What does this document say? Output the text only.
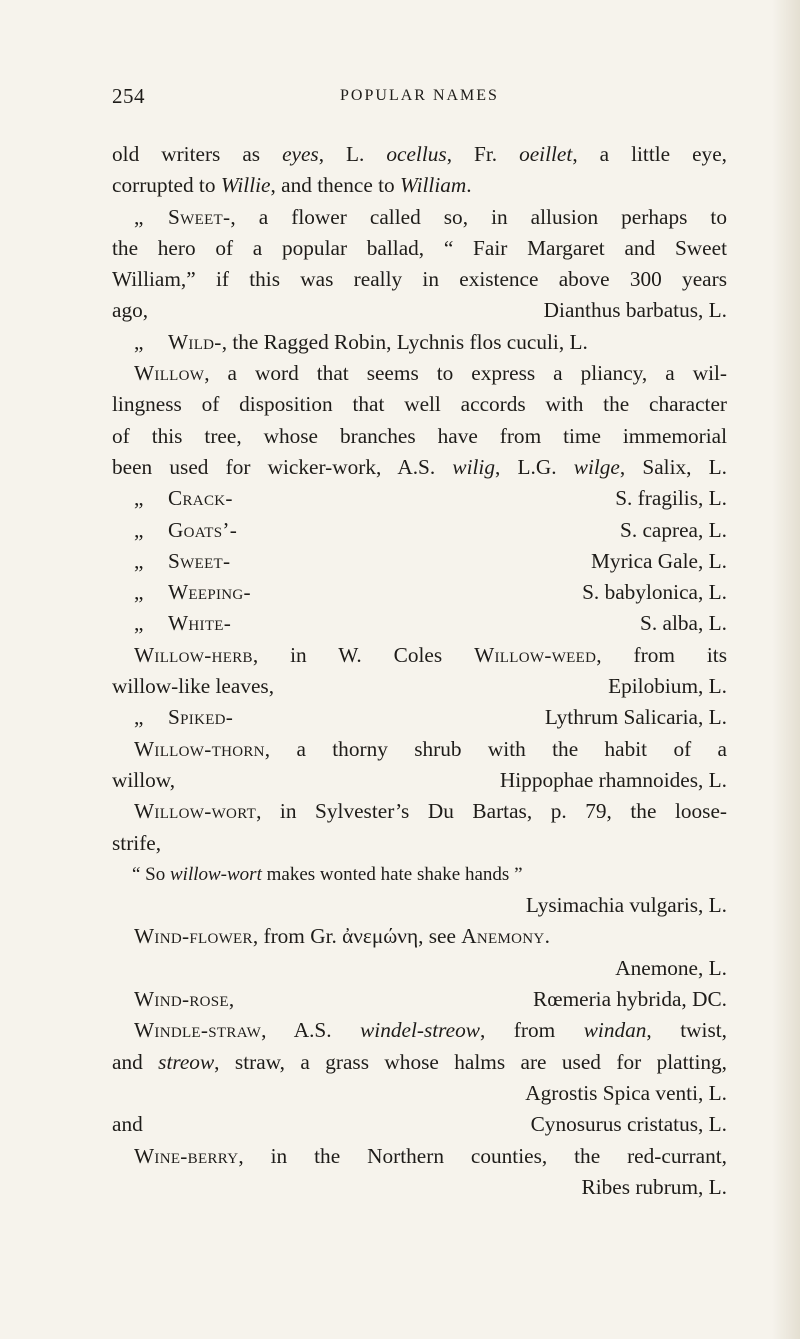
254	POPULAR NAMES
old writers as eyes, L. ocellus, Fr. oeillet, a little eye,
corrupted to Willie, and thence to William.
„ Sweet-, a flower called so, in allusion perhaps to
the hero of a popular ballad, “ Fair Margaret and Sweet
William,” if this was really in existence above 300 years
ago,	Dianthus barbatus, L.
„ Wild-, the Ragged Robin, Lychnis flos cuculi, L.
Willow, a word that seems to express a pliancy, a wil-
lingness of disposition that well accords with the character
of this tree, whose branches have from time immemorial
been used for wicker-work, A.S. wilig, L.G. wilge, Salix, L.
„ Crack-	S. fragilis, L.
„ Goats’-	S. caprea, L.
„ Sweet-	Myrica Gale, L.
„ Weeping-	S. babylonica, L.
„ White-	S. alba, L.
Willow-herb, in W. Coles Willow-weed, from its
willow-like leaves,	Epilobium, L.
„ Spiked-	Lythrum Salicaria, L.
Willow-thorn, a thorny shrub with the habit of a
willow,	Hippophae rhamnoides, L.
Willow-wort, in Sylvester’s Du Bartas, p. 79, the loose-
strife,
“ So willow-wort makes wonted hate shake hands ”
Lysimachia vulgaris, L.
Wind-flower, from Gr. ἀνεμώνη, see Anemony.
Anemone, L.
Wind-rose,	Rœmeria hybrida, DC.
Windle-straw, A.S. windel-streow, from windan, twist,
and streow, straw, a grass whose halms are used for platting,
Agrostis Spica venti, L.
and	Cynosurus cristatus, L.
Wine-berry, in the Northern counties, the red-currant,
Ribes rubrum, L.
